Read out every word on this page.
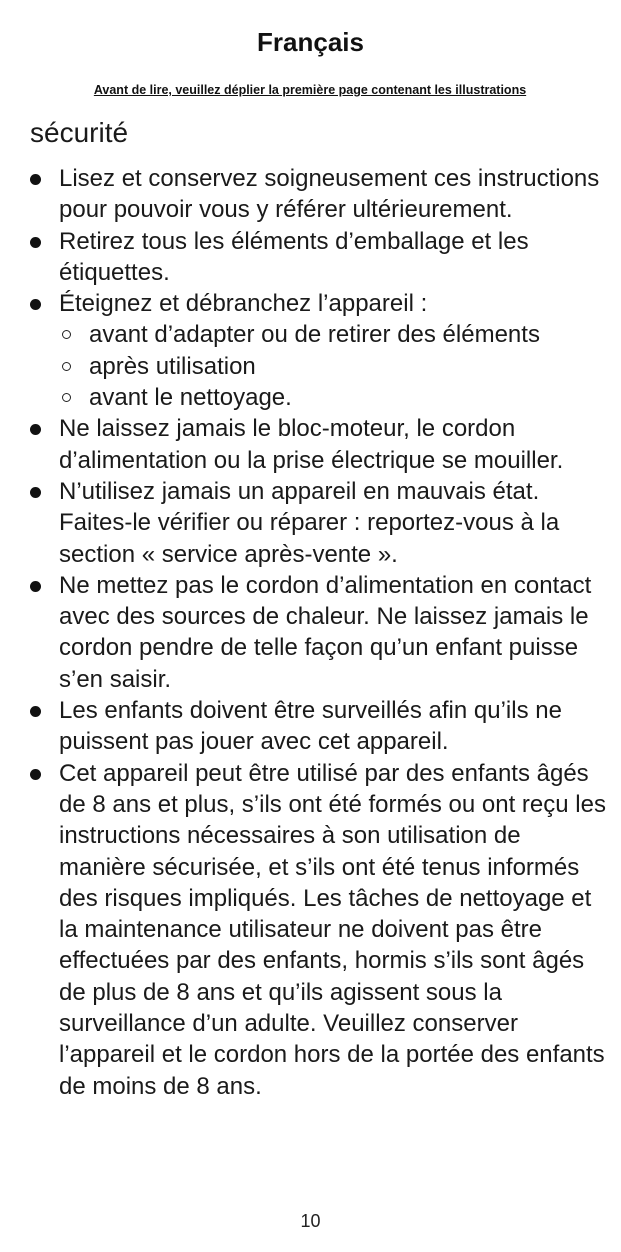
Français
Avant de lire, veuillez déplier la première page contenant les illustrations
sécurité
Lisez et conservez soigneusement ces instructions pour pouvoir vous y référer ultérieurement.
Retirez tous les éléments d’emballage et les étiquettes.
Éteignez et débranchez l’appareil :
avant d’adapter ou de retirer des éléments
après utilisation
avant le nettoyage.
Ne laissez jamais le bloc-moteur, le cordon d’alimentation ou la prise électrique se mouiller.
N’utilisez jamais un appareil en mauvais état. Faites-le vérifier ou réparer : reportez-vous à la section « service après-vente ».
Ne mettez pas le cordon d’alimentation en contact avec des sources de chaleur. Ne laissez jamais le cordon pendre de telle façon qu’un enfant puisse s’en saisir.
Les enfants doivent être surveillés afin qu’ils ne puissent pas jouer avec cet appareil.
Cet appareil peut être utilisé par des enfants âgés de 8 ans et plus, s’ils ont été formés ou ont reçu les instructions nécessaires à son utilisation de manière sécurisée, et s’ils ont été tenus informés des risques impliqués. Les tâches de nettoyage et la maintenance utilisateur ne doivent pas être effectuées par des enfants, hormis s’ils sont âgés de plus de 8 ans et qu’ils agissent sous la surveillance d’un adulte. Veuillez conserver l’appareil et le cordon hors de la portée des enfants de moins de 8 ans.
10
